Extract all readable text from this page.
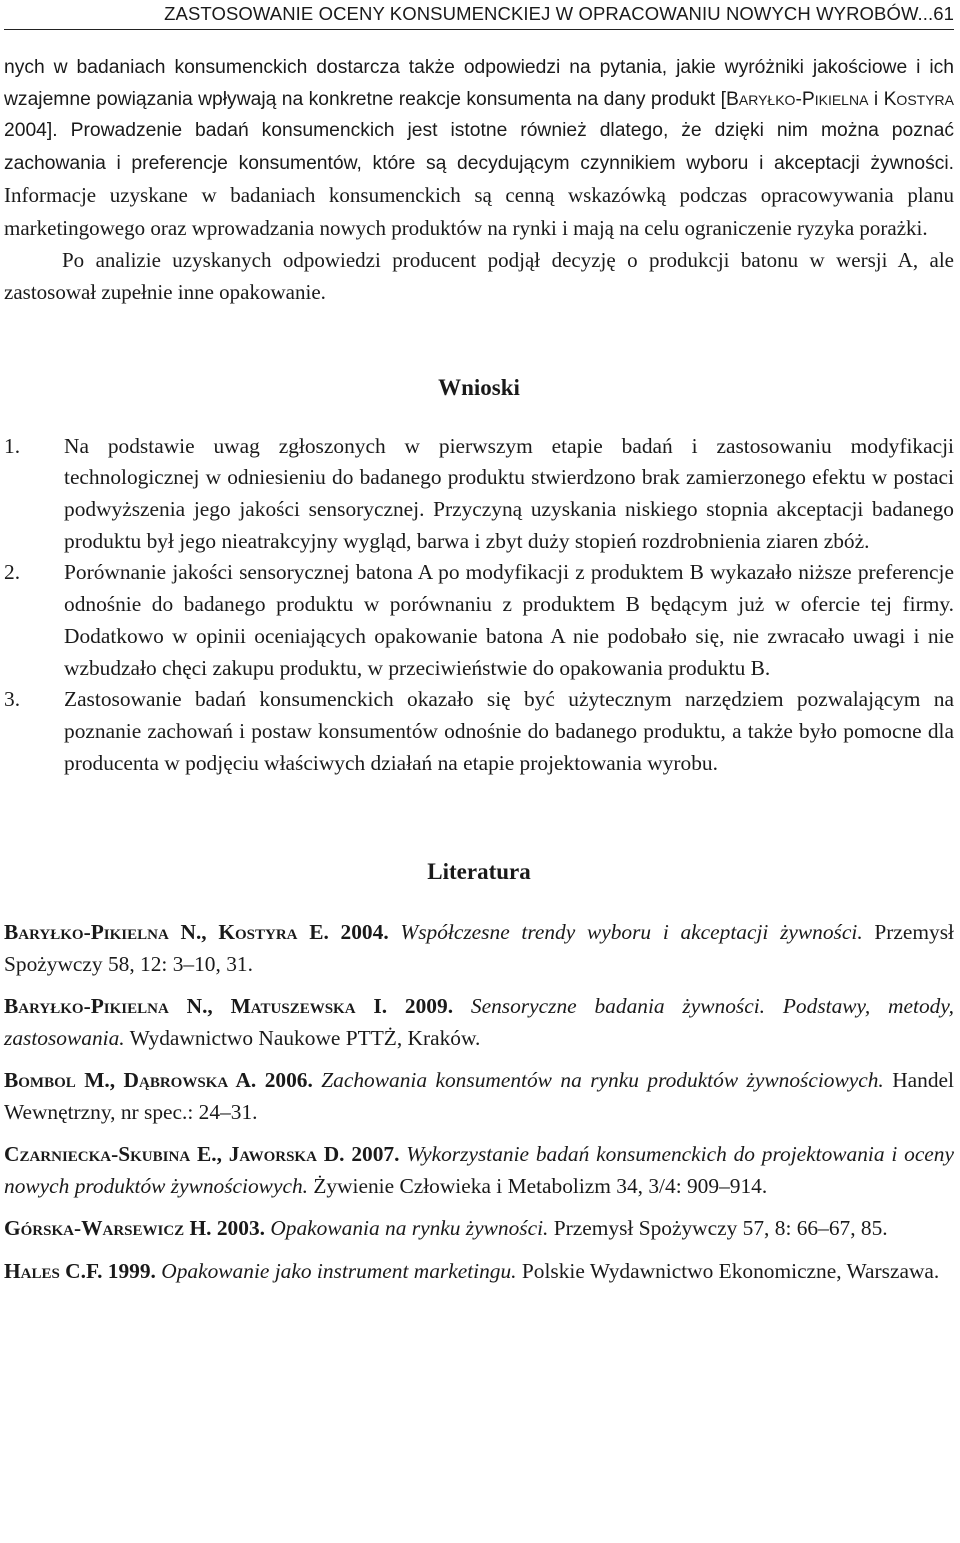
ZASTOSOWANIE OCENY KONSUMENCKIEJ W OPRACOWANIU NOWYCH WYROBÓW...61

nych w badaniach konsumenckich dostarcza także odpowiedzi na pytania, jakie wyróżniki jakościowe i ich wzajemne powiązania wpływają na konkretne reakcje konsumenta na dany produkt [Baryłko-Pikielna i Kostyra 2004]. Prowadzenie badań konsumenckich jest istotne również dlatego, że dzięki nim można poznać zachowania i preferencje konsumentów, które są decydującym czynnikiem wyboru i akceptacji żywności. Informacje uzyskane w badaniach konsumenckich są cenną wskazówką podczas opracowywania planu marketingowego oraz wprowadzania nowych produktów na rynki i mają na celu ograniczenie ryzyka porażki.

Po analizie uzyskanych odpowiedzi producent podjął decyzję o produkcji batonu w wersji A, ale zastosował zupełnie inne opakowanie.

Wnioski
1. Na podstawie uwag zgłoszonych w pierwszym etapie badań i zastosowaniu modyfikacji technologicznej w odniesieniu do badanego produktu stwierdzono brak zamierzonego efektu w postaci podwyższenia jego jakości sensorycznej. Przyczyną uzyskania niskiego stopnia akceptacji badanego produktu był jego nieatrakcyjny wygląd, barwa i zbyt duży stopień rozdrobnienia ziaren zbóż.
2. Porównanie jakości sensorycznej batona A po modyfikacji z produktem B wykazało niższe preferencje odnośnie do badanego produktu w porównaniu z produktem B będącym już w ofercie tej firmy. Dodatkowo w opinii oceniających opakowanie batona A nie podobało się, nie zwracało uwagi i nie wzbudzało chęci zakupu produktu, w przeciwieństwie do opakowania produktu B.
3. Zastosowanie badań konsumenckich okazało się być użytecznym narzędziem pozwalającym na poznanie zachowań i postaw konsumentów odnośnie do badanego produktu, a także było pomocne dla producenta w podjęciu właściwych działań na etapie projektowania wyrobu.
Literatura

Baryłko-Pikielna N., Kostyra E. 2004. Współczesne trendy wyboru i akceptacji żywności. Przemysł Spożywczy 58, 12: 3–10, 31.

Baryłko-Pikielna N., Matuszewska I. 2009. Sensoryczne badania żywności. Podstawy, metody, zastosowania. Wydawnictwo Naukowe PTTŻ, Kraków.

Bombol M., Dąbrowska A. 2006. Zachowania konsumentów na rynku produktów żywnościowych. Handel Wewnętrzny, nr spec.: 24–31.

Czarniecka-Skubina E., Jaworska D. 2007. Wykorzystanie badań konsumenckich do projektowania i oceny nowych produktów żywnościowych. Żywienie Człowieka i Metabolizm 34, 3/4: 909–914.

Górska-Warsewicz H. 2003. Opakowania na rynku żywności. Przemysł Spożywczy 57, 8: 66–67, 85.

Hales C.F. 1999. Opakowanie jako instrument marketingu. Polskie Wydawnictwo Ekonomiczne, Warszawa.
